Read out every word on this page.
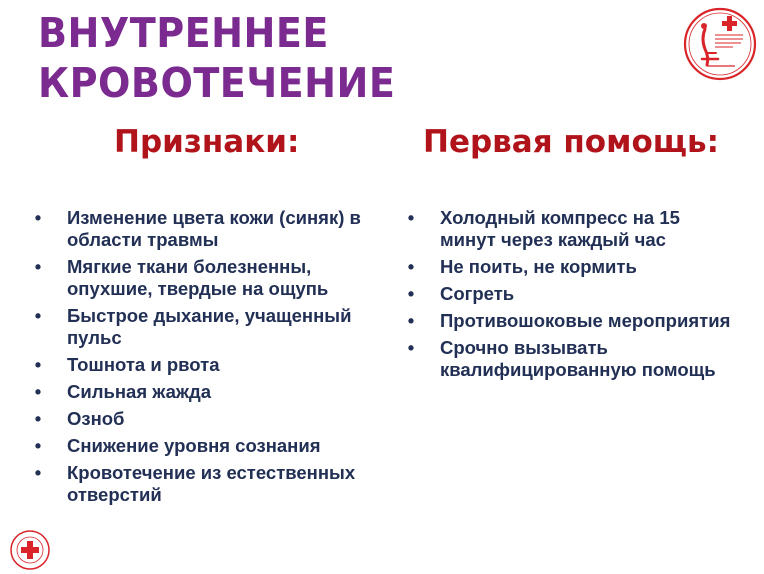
ВНУТРЕННЕЕ
КРОВОТЕЧЕНИЕ
Признаки:	Первая помощь:
• Изменение цвета кожи (синяк) в области травмы
• Мягкие ткани болезненны, опухшие, твердые на ощупь
• Быстрое дыхание, учащенный пульс
• Тошнота и рвота
• Сильная жажда
• Озноб
• Снижение уровня сознания
• Кровотечение из естественных отверстий
• Холодный компресс на 15 минут через каждый час
• Не поить, не кормить
• Согреть
• Противошоковые мероприятия
• Срочно вызывать квалифицированную помощь
